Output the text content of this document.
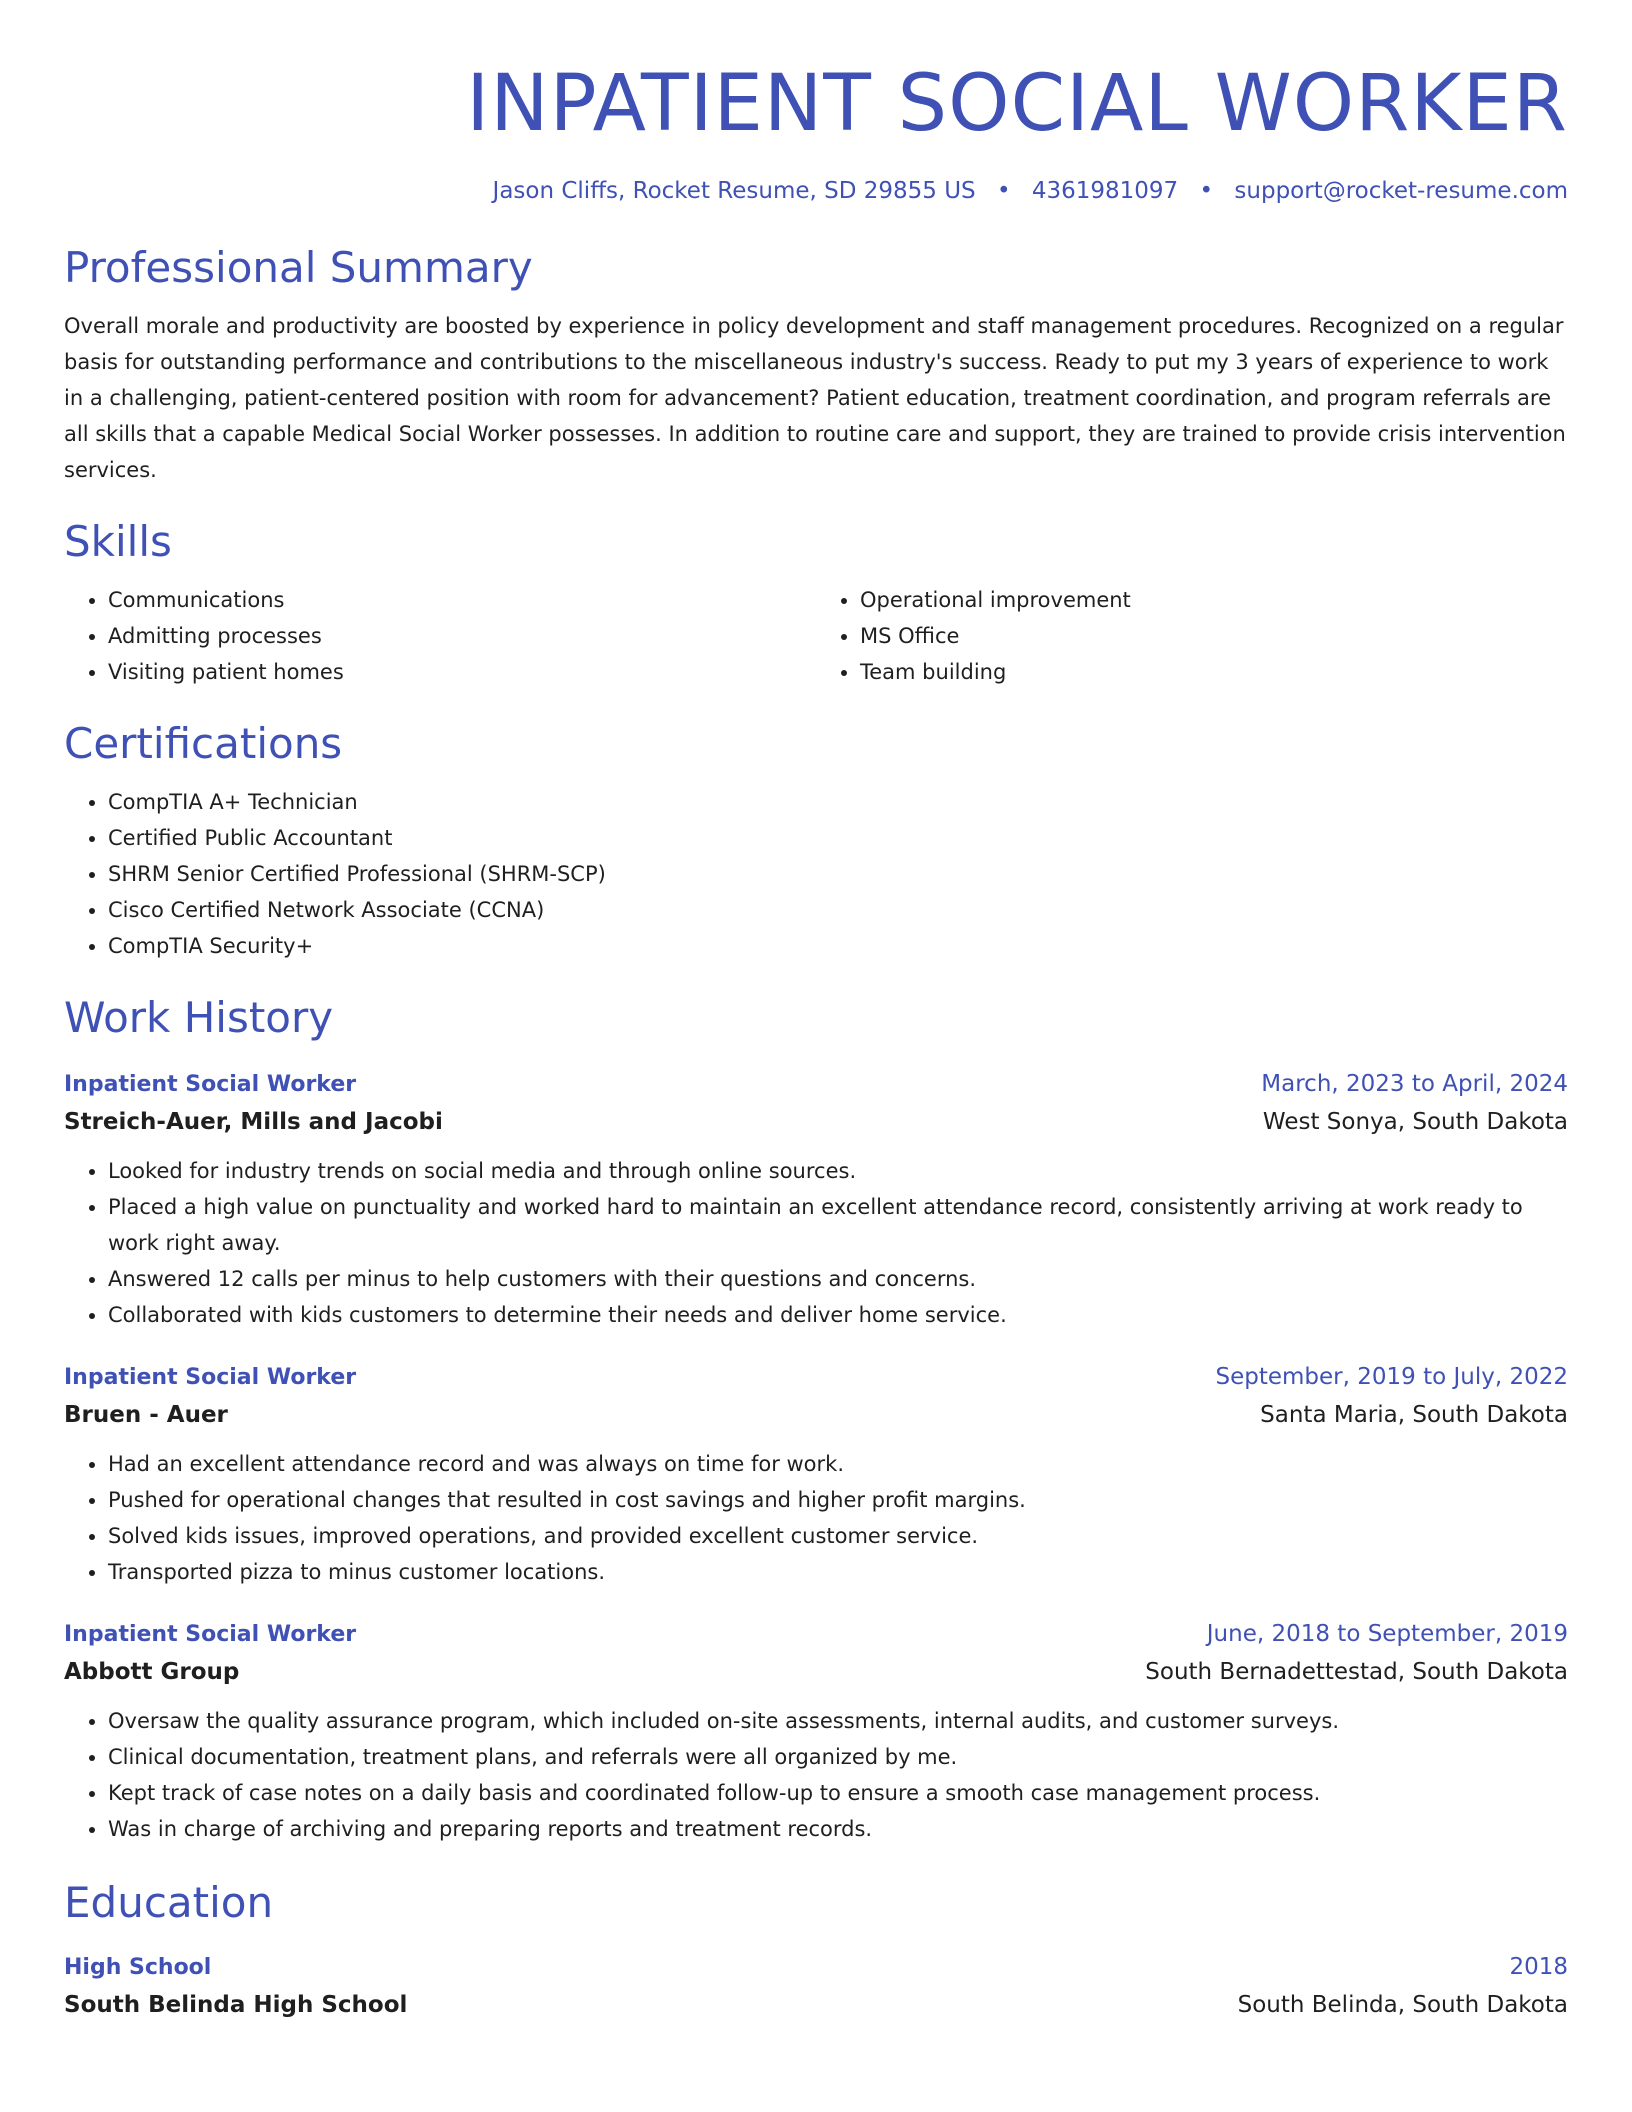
INPATIENT SOCIAL WORKER
Jason Cliffs, Rocket Resume, SD 29855 US • 4361981097 • support@rocket-resume.com
Professional Summary

Overall morale and productivity are boosted by experience in policy development and staff management procedures. Recognized on a regular basis for outstanding performance and contributions to the miscellaneous industry's success. Ready to put my 3 years of experience to work in a challenging, patient-centered position with room for advancement? Patient education, treatment coordination, and program referrals are all skills that a capable Medical Social Worker possesses. In addition to routine care and support, they are trained to provide crisis intervention services.

Skills
• Communications
• Admitting processes
• Visiting patient homes
• Operational improvement
• MS Office
• Team building
Certifications
• CompTIA A+ Technician
• Certified Public Accountant
• SHRM Senior Certified Professional (SHRM-SCP)
• Cisco Certified Network Associate (CCNA)
• CompTIA Security+
Work History
Inpatient Social Worker	March, 2023 to April, 2024
Streich-Auer, Mills and Jacobi	West Sonya, South Dakota
• Looked for industry trends on social media and through online sources.
• Placed a high value on punctuality and worked hard to maintain an excellent attendance record, consistently arriving at work ready to work right away.
• Answered 12 calls per minus to help customers with their questions and concerns.
• Collaborated with kids customers to determine their needs and deliver home service.
Inpatient Social Worker	September, 2019 to July, 2022
Bruen - Auer	Santa Maria, South Dakota
• Had an excellent attendance record and was always on time for work.
• Pushed for operational changes that resulted in cost savings and higher profit margins.
• Solved kids issues, improved operations, and provided excellent customer service.
• Transported pizza to minus customer locations.
Inpatient Social Worker	June, 2018 to September, 2019
Abbott Group	South Bernadettestad, South Dakota
• Oversaw the quality assurance program, which included on-site assessments, internal audits, and customer surveys.
• Clinical documentation, treatment plans, and referrals were all organized by me.
• Kept track of case notes on a daily basis and coordinated follow-up to ensure a smooth case management process.
• Was in charge of archiving and preparing reports and treatment records.
Education
High School	2018
South Belinda High School	South Belinda, South Dakota
